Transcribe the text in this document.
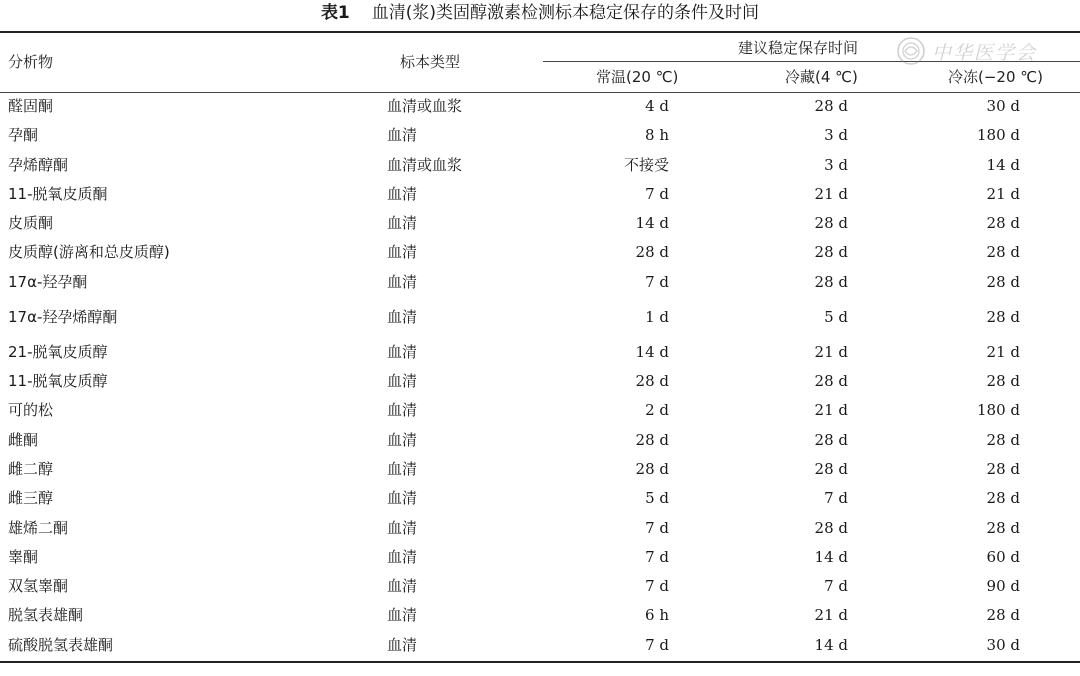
表1 血清(浆)类固醇激素检测标本稳定保存的条件及时间
分析物	标本类型
建议稳定保存时间
常温(20 ℃)	冷藏(4 ℃)	冷冻(−20 ℃)
中华医学会
醛固酮	血清或血浆	4 d	28 d	30 d
孕酮	血清	8 h	3 d	180 d
孕烯醇酮	血清或血浆	不接受	3 d	14 d
11-脱氧皮质酮	血清	7 d	21 d	21 d
皮质酮	血清	14 d	28 d	28 d
皮质醇(游离和总皮质醇)	血清	28 d	28 d	28 d
17α-羟孕酮	血清	7 d	28 d	28 d
17α-羟孕烯醇酮	血清	1 d	5 d	28 d
21-脱氧皮质醇	血清	14 d	21 d	21 d
11-脱氧皮质醇	血清	28 d	28 d	28 d
可的松	血清	2 d	21 d	180 d
雌酮	血清	28 d	28 d	28 d
雌二醇	血清	28 d	28 d	28 d
雌三醇	血清	5 d	7 d	28 d
雄烯二酮	血清	7 d	28 d	28 d
睾酮	血清	7 d	14 d	60 d
双氢睾酮	血清	7 d	7 d	90 d
脱氢表雄酮	血清	6 h	21 d	28 d
硫酸脱氢表雄酮	血清	7 d	14 d	30 d
